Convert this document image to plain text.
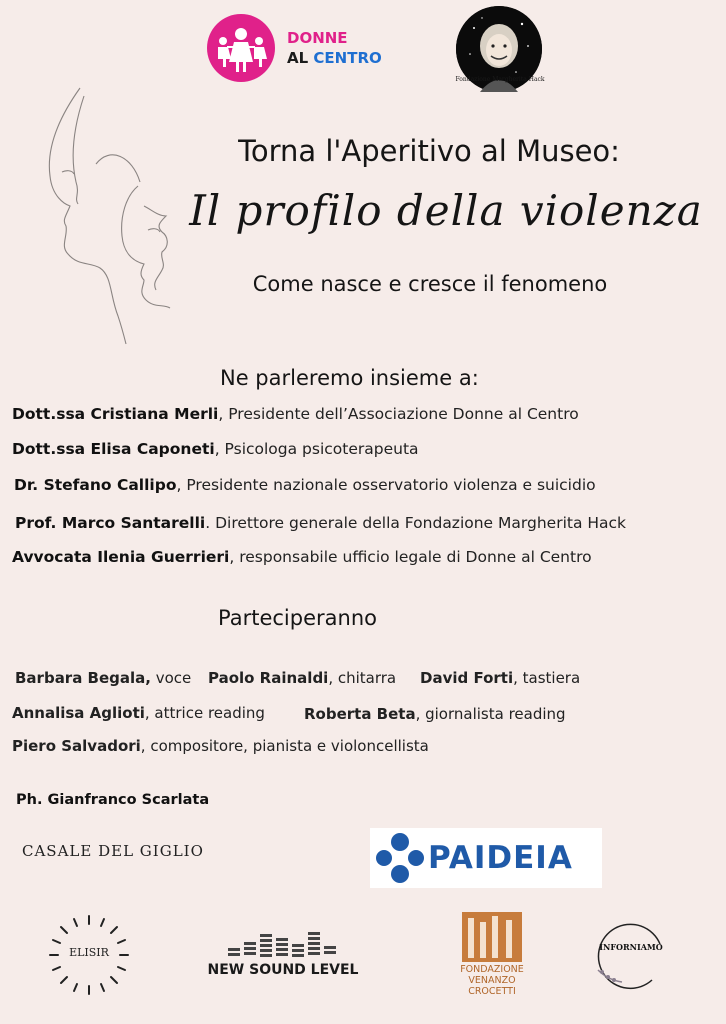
DONNE
AL CENTRO
Fondazione Margherita Hack
Torna l'Aperitivo al Museo:
Il profilo della violenza
Come nasce e cresce il fenomeno
Ne parleremo insieme a:
Dott.ssa Cristiana Merli, Presidente dell’Associazione Donne al Centro
Dott.ssa Elisa Caponeti, Psicologa psicoterapeuta
Dr. Stefano Callipo, Presidente nazionale osservatorio violenza e suicidio
Prof. Marco Santarelli. Direttore generale della Fondazione Margherita Hack
Avvocata Ilenia Guerrieri, responsabile ufficio legale di Donne al Centro
Parteciperanno
Barbara Begala, voce Paolo Rainaldi, chitarra David Forti, tastiera
Annalisa Aglioti, attrice reading	Roberta Beta, giornalista reading
Piero Salvadori, compositore, pianista e violoncellista
Ph. Gianfranco Scarlata
CASALE DEL GIGLIO	PAIDEIA
ELISIR
NEW SOUND LEVEL	FONDAZIONE
VENANZO
CROCETTI
INFORNIAMO
